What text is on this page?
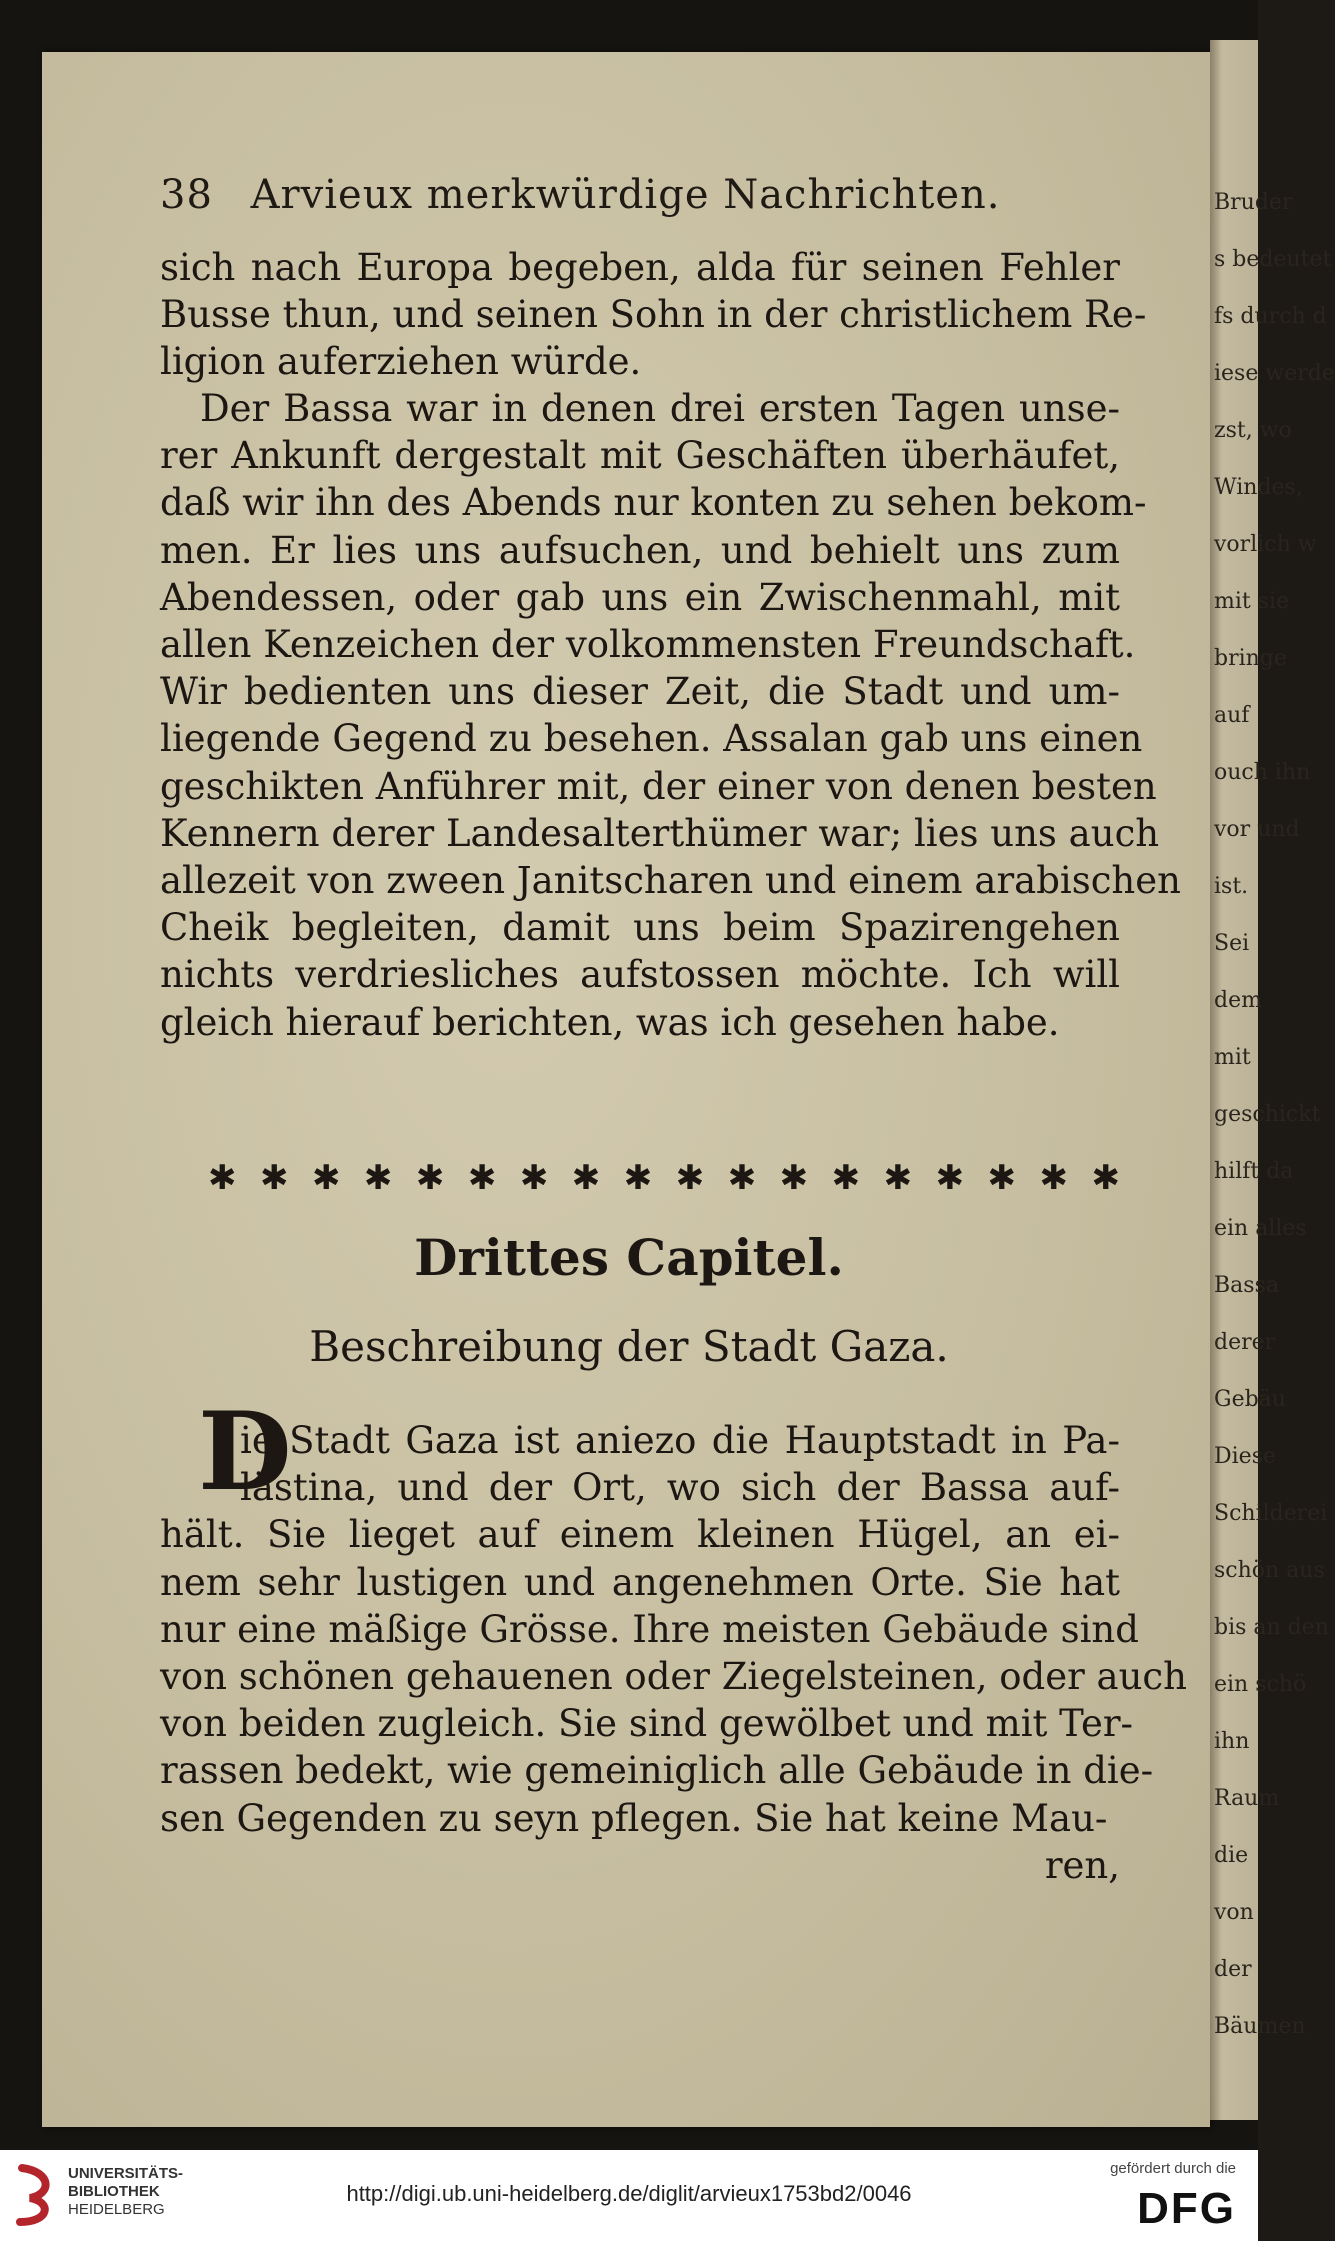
Bruder
s bedeutet
fs durch d
iese werde
zst, wo
Windes,
vorlich w
mit sie
bringe
auf
ouch ihn
vor und
ist.
Sei
dem
mit
geschickt
hilft da
ein alles
Bassa
derer
Gebäu
Diese
Schilderei
schön aus
bis an den
ein schö
ihn
Raum
die
von
der
Bäumen
38 Arvieux merkwürdige Nachrichten.
sich nach Europa begeben, alda für seinen Fehler
Busse thun, und seinen Sohn in der christlichem Re-
ligion auferziehen würde.
Der Bassa war in denen drei ersten Tagen unse-
rer Ankunft dergestalt mit Geschäften überhäufet,
daß wir ihn des Abends nur konten zu sehen bekom-
men. Er lies uns aufsuchen, und behielt uns zum
Abendessen, oder gab uns ein Zwischenmahl, mit
allen Kenzeichen der volkommensten Freundschaft.
Wir bedienten uns dieser Zeit, die Stadt und um-
liegende Gegend zu besehen. Assalan gab uns einen
geschikten Anführer mit, der einer von denen besten
Kennern derer Landesalterthümer war; lies uns auch
allezeit von zween Janitscharen und einem arabischen
Cheik begleiten, damit uns beim Spazirengehen
nichts verdriesliches aufstossen möchte. Ich will
gleich hierauf berichten, was ich gesehen habe.
✱ ✱ ✱ ✱ ✱ ✱ ✱ ✱ ✱ ✱ ✱ ✱ ✱ ✱ ✱ ✱ ✱ ✱
Drittes Capitel.
Beschreibung der Stadt Gaza.
D
ie Stadt Gaza ist aniezo die Hauptstadt in Pa-
lästina, und der Ort, wo sich der Bassa auf-
hält. Sie lieget auf einem kleinen Hügel, an ei-
nem sehr lustigen und angenehmen Orte. Sie hat
nur eine mäßige Grösse. Ihre meisten Gebäude sind
von schönen gehauenen oder Ziegelsteinen, oder auch
von beiden zugleich. Sie sind gewölbet und mit Ter-
rassen bedekt, wie gemeiniglich alle Gebäude in die-
sen Gegenden zu seyn pflegen. Sie hat keine Mau-
ren,
UNIVERSITÄTS-
BIBLIOTHEK
HEIDELBERG
http://digi.ub.uni-heidelberg.de/diglit/arvieux1753bd2/0046
gefördert durch die
DFG
